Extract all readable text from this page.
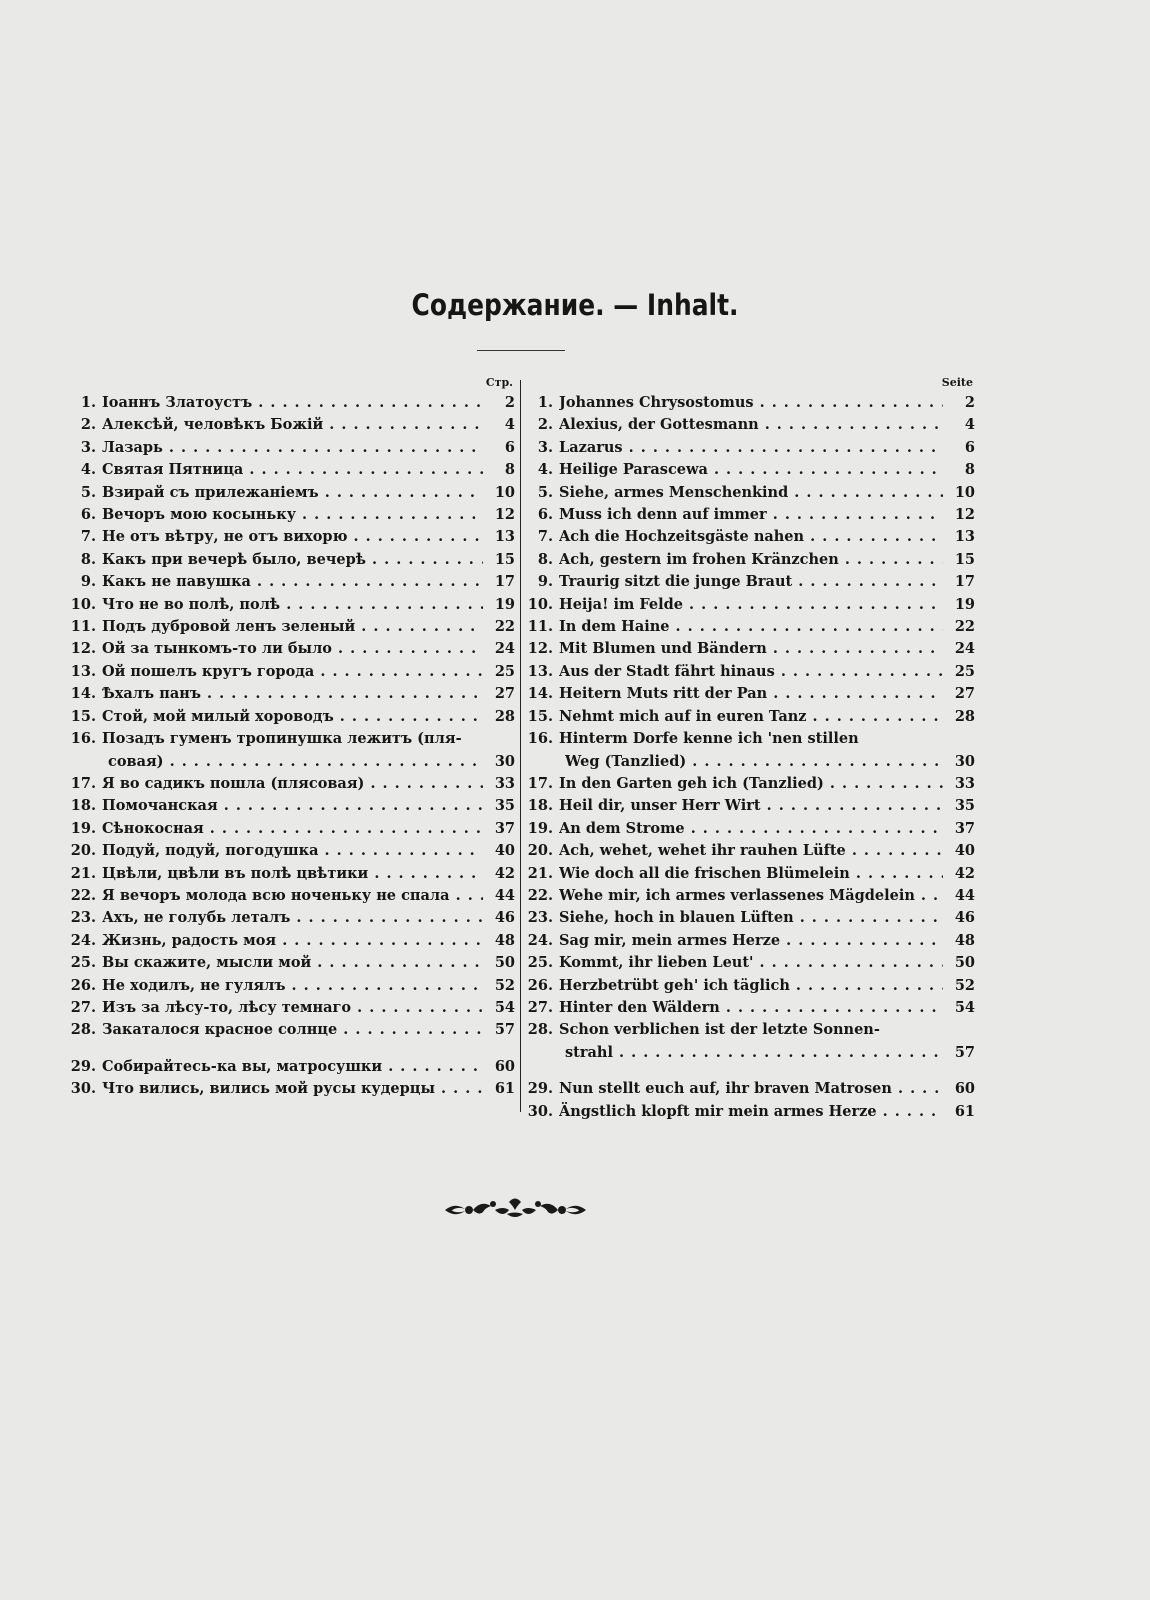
Содержание. — Inhalt.
Стр.
1. Іоаннъ Златоустъ . . .	2
2. Алексѣй, человѣкъ Божій . . .	4
3. Лазарь . . .	6
4. Святая Пятница . . .	8
5. Взирай съ прилежаніемъ . . .	10
6. Вечоръ мою косыньку . . .	12
7. Не отъ вѣтру, не отъ вихорю . . .	13
8. Какъ при вечерѣ было, вечерѣ . . .	15
9. Какъ не павушка . . .	17
10. Что не во полѣ, полѣ . . .	19
11. Подъ дубровой ленъ зеленый . . .	22
12. Ой за тынкомъ-то ли было . . .	24
13. Ой пошелъ кругъ города . . .	25
14. Ѣхалъ панъ . . .	27
15. Стой, мой милый хороводъ . . .	28
16. Позадъ гуменъ тропинушка лежитъ (пля-
совая) . . .	30
17. Я во садикъ пошла (плясовая) . . .	33
18. Помочанская . . .	35
19. Сѣнокосная . . .	37
20. Подуй, подуй, погодушка . . .	40
21. Цвѣли, цвѣли въ полѣ цвѣтики . . .	42
22. Я вечоръ молода всю ноченьку не спала . . .	44
23. Ахъ, не голубь леталъ . . .	46
24. Жизнь, радость моя . . .	48
25. Вы скажите, мысли мой . . .	50
26. Не ходилъ, не гулялъ . . .	52
27. Изъ за лѣсу-то, лѣсу темнаго . . .	54
28. Закаталося красное солнце . . .	57
29. Собирайтесь-ка вы, матросушки . . .	60
30. Что вились, вились мой русы кудерцы . . .	61
Seite
1. Johannes Chrysostomus . . .	2
2. Alexius, der Gottesmann . . .	4
3. Lazarus . . .	6
4. Heilige Parascewa . . .	8
5. Siehe, armes Menschenkind . . .	10
6. Muss ich denn auf immer . . .	12
7. Ach die Hochzeitsgäste nahen . . .	13
8. Ach, gestern im frohen Kränzchen . . .	15
9. Traurig sitzt die junge Braut . . .	17
10. Heija! im Felde . . .	19
11. In dem Haine . . .	22
12. Mit Blumen und Bändern . . .	24
13. Aus der Stadt fährt hinaus . . .	25
14. Heitern Muts ritt der Pan . . .	27
15. Nehmt mich auf in euren Tanz . . .	28
16. Hinterm Dorfe kenne ich 'nen stillen
Weg (Tanzlied) . . .	30
17. In den Garten geh ich (Tanzlied) . . .	33
18. Heil dir, unser Herr Wirt . . .	35
19. An dem Strome . . .	37
20. Ach, wehet, wehet ihr rauhen Lüfte . . .	40
21. Wie doch all die frischen Blümelein . . .	42
22. Wehe mir, ich armes verlassenes Mägdelein . . .	44
23. Siehe, hoch in blauen Lüften . . .	46
24. Sag mir, mein armes Herze . . .	48
25. Kommt, ihr lieben Leut' . . .	50
26. Herzbetrübt geh' ich täglich . . .	52
27. Hinter den Wäldern . . .	54
28. Schon verblichen ist der letzte Sonnen-
strahl . . .	57
29. Nun stellt euch auf, ihr braven Matrosen . . .	60
30. Ängstlich klopft mir mein armes Herze . . .	61
